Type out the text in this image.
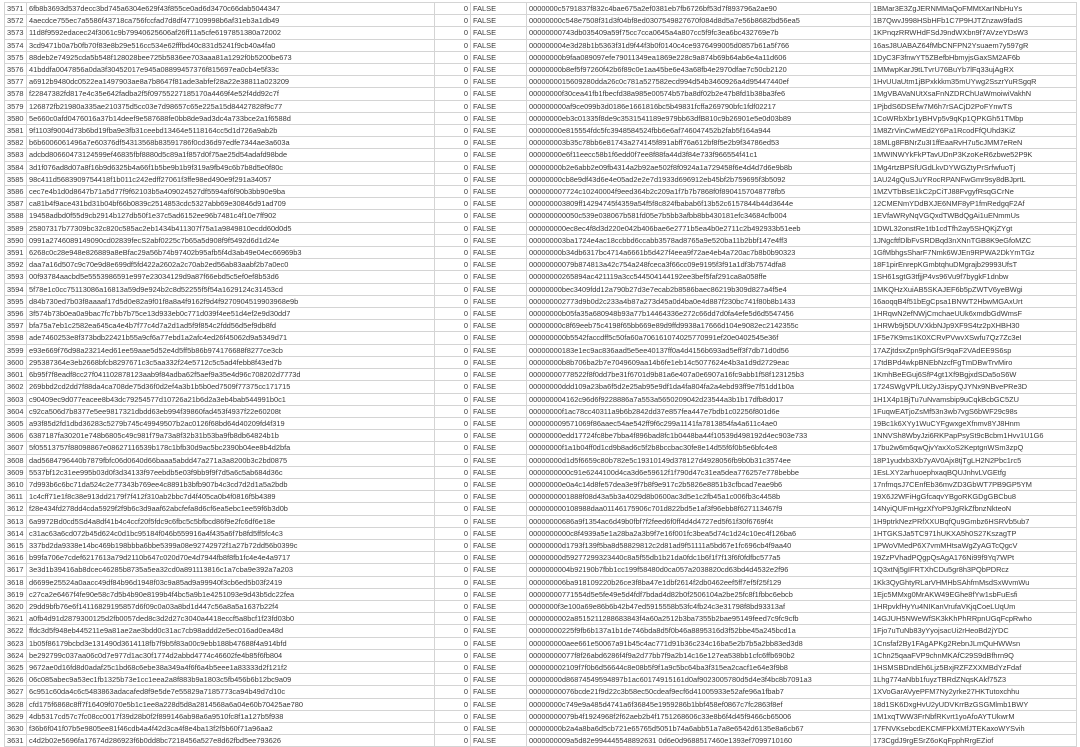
3571	6fb8b3693d537decc3bd745a6304e629f43f855ce0ad6d3470c66dab5044347	0	FALSE	0000000c5791837f832c4bae675a2ef0381eb7fb6726bf53d7f893796a2ae90	1BMar3E3ZgJERNMMaQoFMMtXarINbHuYs
3572	4aecdce755ec7a5586f43718ca756fccfad7d8df477109998b6af31eb3a1db49	0	FALSE	00000000c548e7508f31d3f04bf8ed0307549827670f084d8d5a7e56b8682bd56ea5	1B7QwvJ998HSbHFb1C7P9HJTZnzaw9fadS
3573	11d8f9592edacec24f3061c9b79940625606af26ff11a5cfe6197851380a72002	0	FALSE	00000000743db035409a59f75cc7cca0645a4a807cc5f9fc3ea6bc432769e7b	1KPnqzRRWHdFSdJ9ndWXbn9f7AVzeYDsW3
3574	3cd9471b0a7b0fb70f83e8b29e516cc534e62fffbd40c831d5241f9cb40a4fa0	0	FALSE	000000004e3d28b1b5363f31d9f44f3b0f0140c4ce9376499005d0857b61a5f766	16asJ8UABAZ64fMbCNFPN2Ysuaem7y597gR
3575	88deb2e74925cda5b548f128028bee725b5836ee703aaa81a1292f0b5200be673	0	FALSE	00000000b9faa089097efe79011349ea1869e228c9a874b69b64ab6e4a11d606	1DyC3F3fnwYT5ZBefbHbmyjsGaxSM2AF6b
3576	41bddfa0047856a0da3f30452017e945a08899457376f815697ea0cb4e5f33c	0	FALSE	00000000b8ef5f97260f42b6f89c0e1aa45be6e43a68fb4e2970dfae7c50cb2120	1MMwpKarJ9tLTvrU76BuYb7lFq33ujAgRX
3577	a6912b9480dc0522ea1497903ae8a7b8647f81ade3abfef28a22e38811a023209	0	FALSE	0000000015609280dda26c0c781a527582ecd994d54b3460926a4d95447440ef	1HvUUaUtm1jBPxkkkm35mUYwg2SszrYuRSgqR
3578	f22847382fd817e4c35e642fadba2f5f09755227185170a4469f4e52f4dd92c7f	0	FALSE	00000000f30cea41fb1fbecfd38a985e00574b57ba8df02b2e47b8fd1b38ba3fe6	1MgVBAVaNUtXsaFnNZDRChUaWmoiwiVakhN
3579	126872fb21980a335ae210375d5cc03e7d98657c65e225a15d84427828f9c77	0	FALSE	000000000af9ce099b3d0186e1661816bc5b49831fcffa269790bfc1fdf02217	1PjbdS6DSEfw7M6h7rSACjD2PoFYnwTS
3580	5e660c0afd0476016a37b14deef9e587688fe0bb8de9ad3dc4a733bce2a1f6588d	0	FALSE	00000000eb3c01335f8de9c3531541189e979bb63dfB810c9b26901e5e0d03b89	1CoWRbXbr1yBHVp5v9qKp1QPKGh51TMbp
3581	9f1103f9004d73b6bd19fba9e3fb31ceebd13464e5118164cc5d1d726a9ab2b	0	FALSE	00000000e815554fdc5fc3948584524fbb6e6af746047452b2fab5f164a944	1M8ZrVinCwMEd2Y6Pa1RcodFfQUhd3KiZ
3582	b6b6006061496a7e60376df54313568b83591786f0cd36d97edfe7344ae3a603a	0	FALSE	000000003b35c78bb6e81743a274145f891abff76a612bf8f5e2b9f34786ed53	18MLg8FBNrZu3I1ffEaaRvH7u5cJMM7eReN
3583	adcbd80660473124599ef46835fbf8880d5c89a1f857d0f75ae25d54adafd98bde	0	FALSE	00000000e6f11eecc58b1f6edd0f7ee8f88fa44d3f84e733f966554f41c1	1MWINWYkFkPTavUDnP3KzoKeR6zbwe52P9K
3584	3d1f076ad8d07a8f16b9d6325b4a66f1b5be9b1b9f319a9fb49c6b7b8d5e0f80c	0	FALSE	00000000b2e6abb2e09fb4314a2b92ae502f8f0924a1a729458f6e4d4d7d6e9b8b	1Mg4rtzBPSfUGdLkvDYWGZtyPrSrfwfuoTj
3585	98c411d5683909754418f1b011c242edff27061f3ffe98ed490e9f291a34057	0	FALSE	00000000cb8e9df43d6e4e05ad2e2e7d1933d696912eb45bf2b759695f3b5092	1AU24gQuSJuYRocRPANFwGmr9sy8dBJprtL
3586	cec7e4b1d0d8647b71a5d77f9f62103b5a409024527df5594af6f90b3bb90e9ba	0	FALSE	000000007724c10240004f9eed364b2c209a1f7b7b7868f0f8904157048778fb5	1MZVTbBsE1kC2pCiTJ88FvgyfRsqGCrNe
3587	ca81b4f9ace431bd31b04bf66b0839c2514853cdc5327abb69e30846d91ad709	0	FALSE	000000003809ff14294745f4359a54f5f8c824fbabab6f13b52c6157844b44d3644e	12CMENmYDdBXJE6NMF8yP1fmRedgqF2Af
3588	19458adbd0f55d9cb2914b127db50f1e37c5ad6152ee96b7481c4f10e7ff902	0	FALSE	000000000050c539e038067b581fd05e7b5bb3afbb8bb430181efc34684cfb004	1EVfaWRyNqVGQxdTWBdQgAi1uENmmUs
3589	25807317b77309bc32c820c585ac2eb1434b411307f75a1a9849810ecdd60d0d5	0	FALSE	000000000ec8ec4f8d3d220e042b406bae6e2771b5ea4b0e2711c2b492933b51eeb	1DWL32onstRe1tb1cdTfh2ay5SHQKjZYgt
3590	0991a2746089149090cd02839fecS2abf0225c7b65a5d908f9f5492d6d1d24e	0	FALSE	000000003ba1724e4ac18ccbbd6ccabb3578ad8765a9e520ba11b2bbf147e4ff3	1JNgcftfDlbFvSRDBqd3nXNnTGB8K9eGfoMZC
3591	6268c0c28e948e826889a8eBfac29a56b74b97402b95afb5f4d3ab49e04ec66969b3	0	FALSE	00000000b34db6317bc4714a6661b5d427f4eea9f72ae4eb4a720ac7b8b0b90323	1GfMbhgsSharF7Nmk6WJEn9RPWA2DkYmTGz
3592	daa7a16d507c9c70e9d8e699df5fd422a2602a2c70ab2ed56ab83aabf2b7a0ec0	0	FALSE	00000000079b874813a42c754a248fceca3f66cc09e9195f3f91a1df3b7574dfa8	18F1pirEnrepKGmbtqhuDMgrajb29993UfsT
3593	00f93784aacbd5e5553986591e997e23034129d9a87f66ebd5c5ef0ef8b53d6	0	FALSE	00000000265894ac421119a3cc544504144192ee3bef5faf291ca8a058ffe	1SH61sgtG3tfjjP4vs96Vu9f7bygkF1dnbw
3594	5f78e1c0cc75113086a16813a59d9e924b2c8d52255f5f54a1629124c31453cd	0	FALSE	00000000bec3409fdd12a790b27d3e7ecab2b8586baec86219b309d827a4f5e4	1MKQHzXuiAB5SKAJEF6b5pZWTV6yeBWgi
3595	d84b730ed7b03f8aaaaf17d5d0e82a9f01f8a8a4f9162f9d4f9270904519903968e9b	0	FALSE	000000002773d9b0d2c233a4b87a273d45a0d4ba0e4d887f230bc741f80b8b1433	16aoqqB4f51bEgCpsa1BNWT2HbwMGAxUrt
3596	3f574b73b0ea0a9bac7fc7bb7b75ce13d933eb0c771d039f4ee51d4ef2e9d30dd7	0	FALSE	00000000b05fa35a680948b93a77b14464336e272c66dd7d0fa4efe5d6d5547456	1HRqwN2efNWjCmchaeUUk6xmdbGdWmsF
3597	bfa75a7eb1c2582ea645ca4e4b7f77c4d7a2d1ad5f9f854c2fdd56d5ef9db8fd	0	FALSE	00000000c8f69eeb75c4198f65bb669e89d9ffd9938a17666d104e9082ec2142355c	1HRWb9j5DUVXkbNJp9XF9S4tz2pXHBH30
3598	ade7460253e8f373bdb22421b55a9cf6a77ebd1a2afc4ed26f45062d9a5349d71	0	FALSE	000000000b5542faccdff5c50fa60a706161074025770991ef20e0402545e36f	1F5e7K9ms1K0XCRvPVwvXSwfu7Qz7Zc3eI
3599	e93e669f76d98a23214ed61ee59aae5d52e4d5ff5b86b974176688f8277ce3cb	0	FALSE	00000000183e1ec9ac836aad5e5ee40137ff0a4d4156b693ad5eff3f7db71d0d56	17AZjtdsxZpn9phGfSr9qaF2VAdEE9S6sp
3600	295387364e3eb2668bfcb8297671c3c5aa332f24e5712c5c5ad4febb8f43ed7b	0	FALSE	00000000b8b706ba2b7e7049609aa14b6fe1eb14c5077624e4b3a1d9d2729eac	17tdBPd4wkpBNEbNzcfFgTmDBwTrvMiro
3601	6b95f7f8eadf8cc27f041102878123aab9f84adba62f5aef9a35e4d96c708202d7773d	0	FALSE	00000000778522f8f0dd7be31f6701d9b81a6e407a0e6907a16fc9abb1f58f123125b3	1KmhBeEGuj6SfP4gt1Xf9BgjxdSDa5oS6W
3602	269bbd2cd2dd7f88da4ca708de75d36f0d2ef4a3b1b5b0ed7509f77375cc171715	0	FALSE	00000000ddd109a23ba6f5d2e25ab95e9df1da4fa804fa2a4ebd93ff9e7f51dd1b0a	1724SWgVPfLUt2yJ3ispyQJYNx9NBvePRe3D
3603	c90409ec9d077eacee8b43dc79254577d10726a21b6d2a3eb4bab544991b0c1	0	FALSE	000000004162c96d6f9228886a7a553a5650209042d23544a3b1b17dfb8d017	1H1X4p1BjTu7uNvamsbip9uCqkBcbGC5ZU
3604	c92ca506d7b8377e5ee9817321dbdd63eb994f39860fad453f4937f22e60208t	0	FALSE	00000000f1ac78cc40311a9b6b2842dd37e857fea447e7bdb1c02256f801d6e	1FuqwEATjoZsMf53n3wb7vgS6bWF29c98s
3605	a93f85d2fd1dbd36283c5279b745c49949507b2ac0126f68bd64d40209fd4f319	0	FALSE	000000009571069f86aaec54ae542ff9f6c299a1141fa7813854fa4a611c4ae0	19Bc1k6XYy1WuCYFgwxgeXfnmv8YJ8Hnm
3606	6387187fa30201e748b6805c49c981f79a73a8f32b31b53ba9fb8db64824b1b	0	FALSE	00000000edd17724fc8be7bba4f896bad8fc1b0448ba44f10539d498192d4ec903e733	1NNVSh8WbyJzi6RKPapPsySt9cBcbm1Hvv1U1G6
3607	5f05513757f88098867e08627116539b178c1bfb30d9ac5bc2390b04ee8b4d2bfa	0	FALSE	00000000f1a1b04ff0d1cd9b8ad6c5f2b8bccbac30fe8e14d55f6f0b5e6bfc4e8	17bu2w6m6qwQjvYaxXoS2KeptgnWSm3zpQ
3608	dad5684796440b7879fbfc06d0640d66baaa5abdd47a271a3a8200b3c2bd0875	0	FALSE	00000000d1d5f6659c80b782e5c19310149d378127d4928056fb9b0b31c3574ee	18P1yudxb3Xb7yAV0Ajx8tjTgLH2N2Pbc1rc5
3609	5537bf12c31ee995b03d0f3d34133f97eebdb5e03f9bb9f9f7d5a6c5ab684d36c	0	FALSE	0000000000c91e6244100d4ca3d6e59612f1f790d47c31ea5dea776257e778bebbe	1EsLXY2arhuoephxaqBQUJnhvLVGEtfg
3610	7d993b6c6bc71da524c2e77343b769ee4c8891b3bfb907b4c3cd7d2d1a5a2bdb	0	FALSE	00000000e0a4c14d8fe57dea3e9f7b8f9e917c2b5826e8851b3cfbcad7eae9b6	17nfmqsJ7CEnfEb36mvZD3GbWT7PB9GP5YM
3611	1c4cff71e1f8c38e913dd2179f7f412f310ab2bbc7d4f405ca0b4f0816f5b4389	0	FALSE	0000000001888f08d43a5b3a4029d8b0600ac3d5e1c2fb45a1c006fb3c4458b	19X6J2WFiHgGfcaqvYBgoRKGDgGBCbu8
3612	f28e434fd278dd4cda5929f2f9b6c3d9aaf62abcfefa8d6cf6ea5ebc1ee59f6b3d0b	0	FALSE	000000000108988daa01146175906c701d822bd5e1af3f96ebb8f627113467f9	14NyiQUFmHgzXfYoP9JgRkZfbnzNkteoN
3613	6a9972Bd0cd5Sd4a8df41b4c4ccf20f5fdc9c6fbc5c5bfbcd86f9e2fc6df6e18e	0	FALSE	00000000686a9f1354ac6d49b0fbf7f2feed6f0ff4d4d4727ed5f61f30f6769f4t	1H9ptrkNezPRfXXUBqfQu9Gmbz6HSRVb5ub7
3614	c31ac63a6cd072b45d624c0d1bc95184f046b559916a4f435a6f7b8fd5ff5fc4c3	0	FALSE	0000000000c8f4939a5e1a28ba2a3b9f7e16f001fc3bea5d74c1d24c10ec4f126ba6	1HTGKSJa5TC971hUKXA5h0S27KszagTP
3615	337bd2da9338e14bc469b198bbba6bbe5399a08e92742972f1a27b72dd56b0399c	0	FALSE	00000000d1793f139f5ba8d58829812c2d81ad9f51111a5bd67e1fc696cb4f9aa40	1PWoVMedP6X7vmMHtsaWgZyAGTcQgcV
3616	b99fa706e7cdef6217613a79d2110b647c020d70e4d7944fb8f8fb1fc4e4e4a9717	0	FALSE	00000000d59277299323440c8a5f55db1b21da0fdc1b6f1f7f13f6f0fdfbc577a5	19ZzPVhadPQgpQsAgA176Ni99f9Yq7WPt
3617	3e3d1b39416ab8dcec46285b8735a5ea32cd0a891113816c1a7cba9e392a7a203	0	FALSE	0000000004b92190b7fbb1cc199f58480d0ca057a2038820cd63bd4d4532e2f96	1Q3xtNj5gIFRTXhCDu5gr8h3PQbPDRcz
3618	d6699e25524a0aacc49df84b96d1948f03c9a85ad9a99940f3cb6ed5b03f2419	0	FALSE	000000006ba918109220b26ce3f8ba47e1dbf2614f2db0462eef5ff7ef5f25f129	1Kk3QyGhtyRLarVHMHbSAhfmMsdSxWvmWu
3619	c27ca2e6467f4fe90e58c7d5b4b90e8199b4f4bc5a9b1e4251093e9d43b5dc22fea	0	FALSE	00000000771554d5e5fe49e5d4fdf7bdad4d82b0f2506104a2be25fc8f1fbbc6ebcb	1Ejc5MMxg0MrAKW49EGhe8fYw1sbFuEsfi
3620	29dd9bfb76e6f14116829195857d6f09c0a03a8bd1d447c56a8a5a1637b22f4	0	FALSE	0000000f3e100a69e86b6b42b47ed5915558b53fc4fb24c3e31798f8bd93313af	1HRpvkfHyYu4NIKanVrufaVKjqCoeLUqUm
3621	a0fb4d91d2879300125d2fb0057ded8c3d2d27c3040a4418eccf5a8bcf1f23fd03b0	0	FALSE	0000000002a8515211288683843f4a60a2512b3ba7355b2bae95149feed7c9fc9cfb	14GJUH5NWeWfSK3kKhPhRRpnUGqFcpRwho
3622	ffdc3d5f948eb445211e9a81ae2ae3bdd0c31ac7cb98addd2e5ec016ad0ea48d	0	FALSE	00000000225f9fb6b137a1b1de746bda8d5f0b46a8895316d3f52bbe45a245bcd1a	1Fjo7uTuNb83yYyojsacUi2rHeoBd2jYDC
3623	1b05f86179bcbd3e131490d3614118fb7f9b5f83a00c9ebb188b47688f4a914bfd	0	FALSE	000000000aee661e50067a91b45c4ac771d91b36c234c16ba5e2b7b5a2bb83ed3d8	1Cnsfaf2By1FAgAPKg2RebnJLmQuHWWsn
3624	be292799c037aa06c0d7e977d1ac30f1774d2abbd4774c46602fe4b85f6fb804	0	FALSE	00000000077f8f26abd6286f4f9a2d77bb7f9a2b14c16e127ea538bb1cfc6ffb690b2	1Chn25qaaFVP9chnMKAfC29S9dBfhrn9Q
3625	9672ae0d16fd8d0adaf25c1bd68c6ebe38a349a4f6f6a4b5eee1a83333d2f121f2	0	FALSE	000000002109f7f0b6d56644c8e08b5f9f1a9c5bc64ba3f315ea2cacf1e64e3f9b8	1HSMSBDndEh6Ljz5BxjRZFZXXMBdYzFdaf
3626	06c085abec9a53ec1fb1325b73e1cc1eea2a8f883b9a1803c5fb456b6b12bc9a09	0	FALSE	00000000d86874549594897b1ac60174915161d0af9023005780d5d4e3f4bc8b7091a3	1Lhg774aNbb1fuyzTBRdZNqsKAkf75Z3
3627	6c951c60da4c6c5483863adacafed8f9e5de7e55829a7185773ca94b49d7d10c	0	FALSE	00000000076bcde21f9d22c3b58ec50cdeaf9ecf6d41005933e52afe96a1fbab7	1XVoGarAVyePFM7Ny2yrke27HKTutoxchhu
3628	cfd175f6868c8ff7f16409f070e5b1c1ee8a228d5d8a2814568a6a04e60b70425ae780	0	FALSE	00000000c749e9a485d4741a6f36845e1959286b1bbf458ef0867c7fc2863f8ef	18d1SK6DxgHvU2yUDVKrrBzGSGMlmb1BWY
3629	4db5317cd57c7fc08cc0017f39d28b0f2f899146ab98a6a9510fc8f1a127b5f938	0	FALSE	00000000079b4f1924968f2f62aeb2b4f1751268606c33e8b6f4d45f9466cb65006	1M1xqTWW3FrNbfRKvrt1yoAfoAYTUkwrM
3630	f36b6f041f07b5e9805ee81f46cdb4a4f42d3ca4f8e4ba13f2f5b60f71a96aa2	0	FALSE	00000000b2a4a8ba6d5cb721e65765d5051b74a6abb51a7a8e6542d6135e8a6cb67	17FNVKsebcdEKCMFPkXMfJTEKaxoWYSvih
3631	c4d2b02e5696fa17674d286923f6b0dd8bc7218456a527e8d62fbd5ee793626	0	FALSE	0000000009a5d82e994445548892631 0d6e0d9688517460e1393ef7099710160	173CgdJ9rgESrZ6oKqFpphRrgEZiof
